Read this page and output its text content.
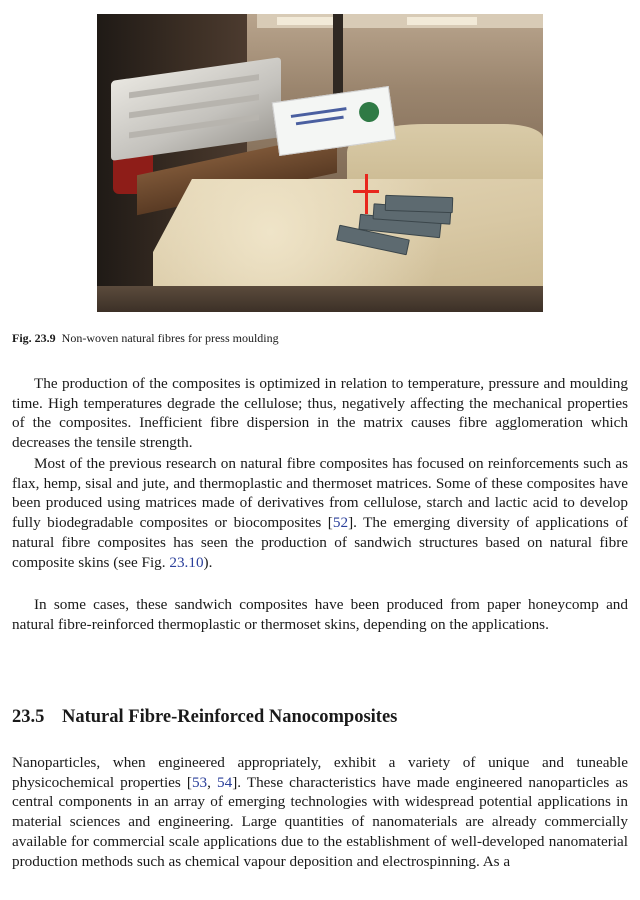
Fig. 23.9 Non-woven natural fibres for press moulding

The production of the composites is optimized in relation to temperature, pressure and moulding time. High temperatures degrade the cellulose; thus, negatively affecting the mechanical properties of the composites. Inefficient fibre dispersion in the matrix causes fibre agglomeration which decreases the tensile strength.

Most of the previous research on natural fibre composites has focused on reinforcements such as flax, hemp, sisal and jute, and thermoplastic and thermoset matrices. Some of these composites have been produced using matrices made of derivatives from cellulose, starch and lactic acid to develop fully biodegradable composites or biocomposites [52]. The emerging diversity of applications of natural fibre composites has seen the production of sandwich structures based on natural fibre composite skins (see Fig. 23.10).

In some cases, these sandwich composites have been produced from paper honeycomp and natural fibre-reinforced thermoplastic or thermoset skins, depending on the applications.

23.5 Natural Fibre-Reinforced Nanocomposites

Nanoparticles, when engineered appropriately, exhibit a variety of unique and tuneable physicochemical properties [53, 54]. These characteristics have made engineered nanoparticles as central components in an array of emerging technologies with widespread potential applications in material sciences and engineering. Large quantities of nanomaterials are already commercially available for commercial scale applications due to the establishment of well-developed nanomaterial production methods such as chemical vapour deposition and electrospinning. As a
